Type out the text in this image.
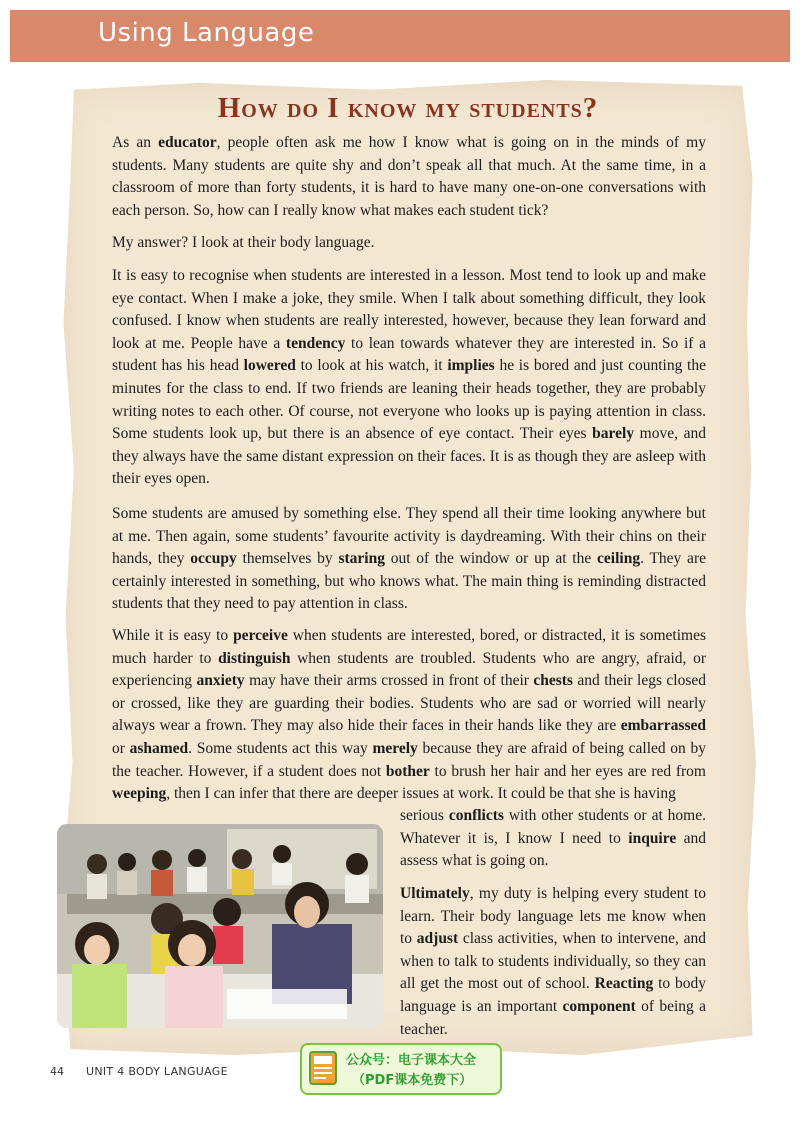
Using Language
How do I know my students?

As an educator, people often ask me how I know what is going on in the minds of my students. Many students are quite shy and don’t speak all that much. At the same time, in a classroom of more than forty students, it is hard to have many one-on-one conversations with each person. So, how can I really know what makes each student tick?

My answer? I look at their body language.

It is easy to recognise when students are interested in a lesson. Most tend to look up and make eye contact. When I make a joke, they smile. When I talk about something difficult, they look confused. I know when students are really interested, however, because they lean forward and look at me. People have a tendency to lean towards whatever they are interested in. So if a student has his head lowered to look at his watch, it implies he is bored and just counting the minutes for the class to end. If two friends are leaning their heads together, they are probably writing notes to each other. Of course, not everyone who looks up is paying attention in class. Some students look up, but there is an absence of eye contact. Their eyes barely move, and they always have the same distant expression on their faces. It is as though they are asleep with their eyes open.

Some students are amused by something else. They spend all their time looking anywhere but at me. Then again, some students’ favourite activity is daydreaming. With their chins on their hands, they occupy themselves by staring out of the window or up at the ceiling. They are certainly interested in something, but who knows what. The main thing is reminding distracted students that they need to pay attention in class.

While it is easy to perceive when students are interested, bored, or distracted, it is sometimes much harder to distinguish when students are troubled. Students who are angry, afraid, or experiencing anxiety may have their arms crossed in front of their chests and their legs closed or crossed, like they are guarding their bodies. Students who are sad or worried will nearly always wear a frown. They may also hide their faces in their hands like they are embarrassed or ashamed. Some students act this way merely because they are afraid of being called on by the teacher. However, if a student does not bother to brush her hair and her eyes are red from weeping, then I can infer that there are deeper issues at work. It could be that she is having

serious conflicts with other students or at home. Whatever it is, I know I need to inquire and assess what is going on.

Ultimately, my duty is helping every student to learn. Their body language lets me know when to adjust class activities, when to intervene, and when to talk to students individually, so they can all get the most out of school. Reacting to body language is an important component of being a teacher.

44 UNIT 4 BODY LANGUAGE
公众号：电子课本大全
（PDF课本免费下）
